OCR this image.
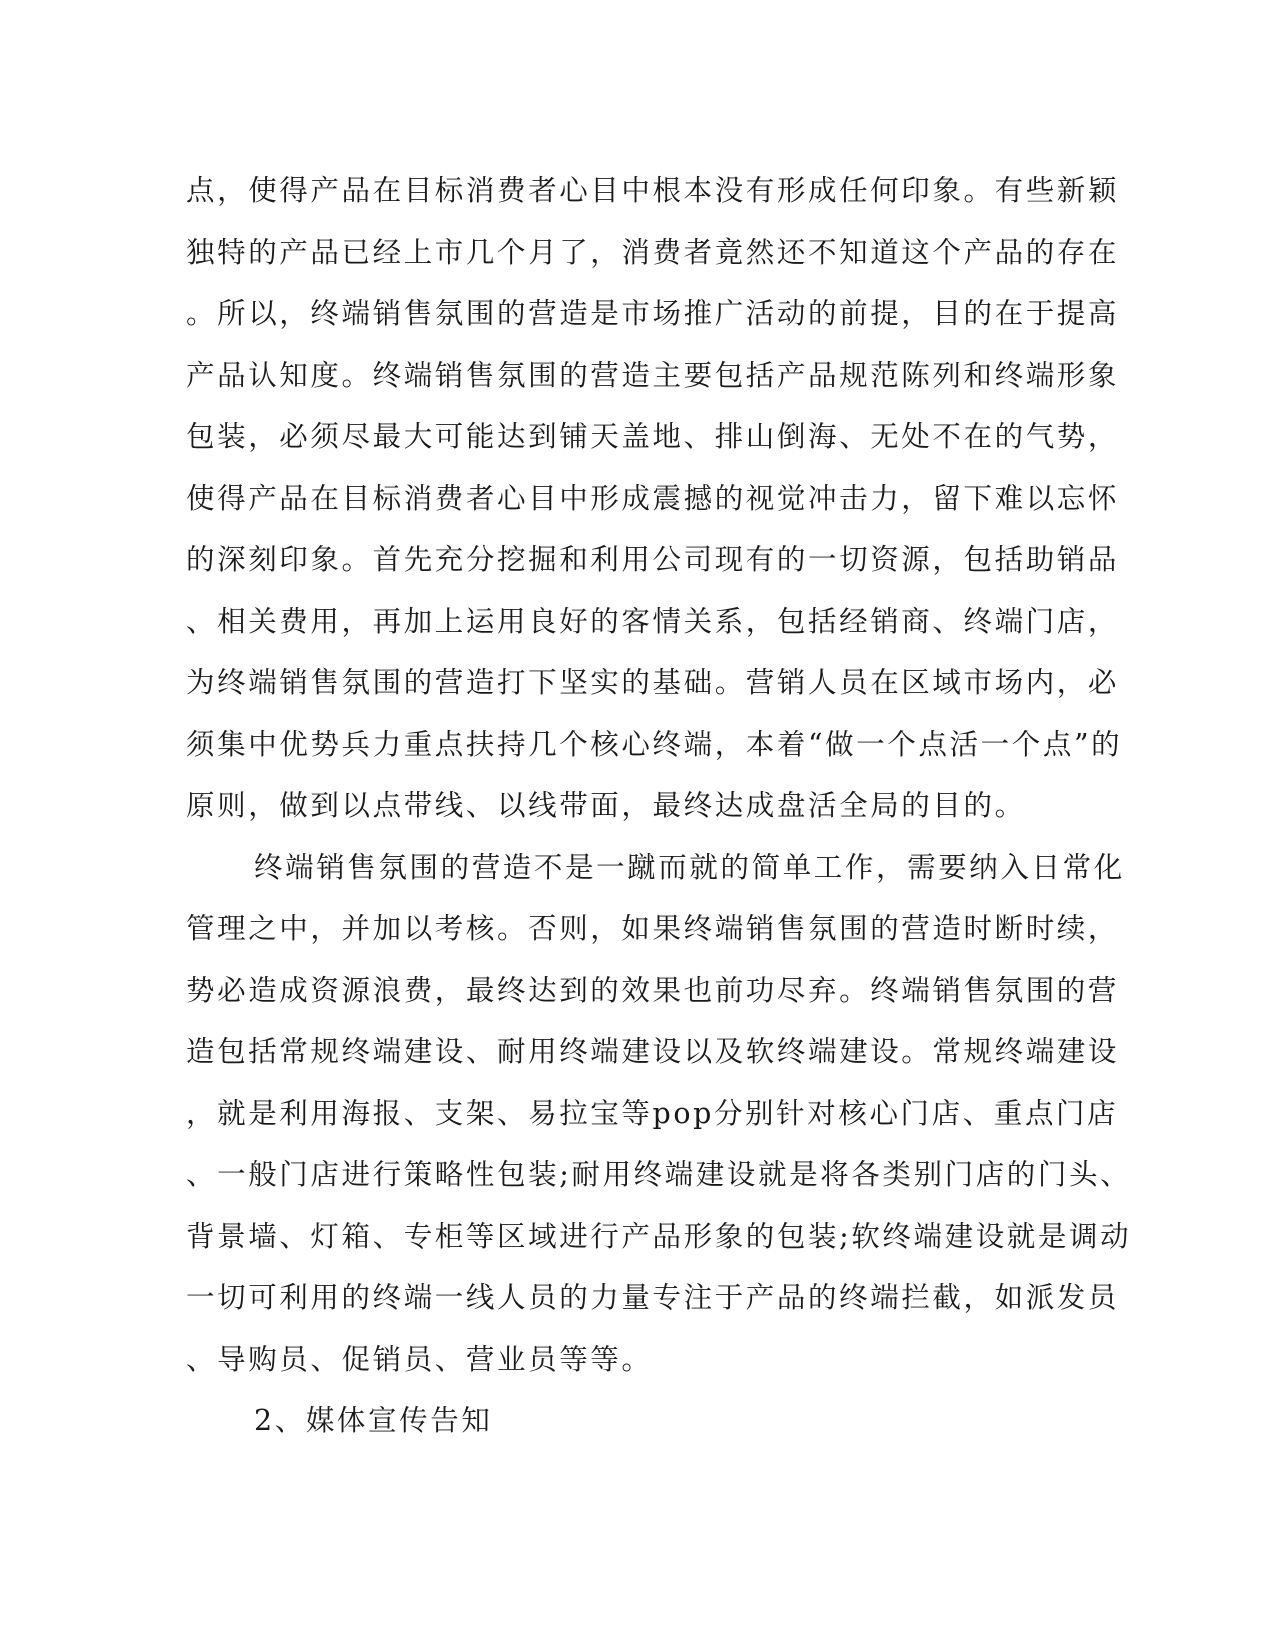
点，使得产品在目标消费者心目中根本没有形成任何印象。有些新颖
独特的产品已经上市几个月了，消费者竟然还不知道这个产品的存在
。所以，终端销售氛围的营造是市场推广活动的前提，目的在于提高
产品认知度。终端销售氛围的营造主要包括产品规范陈列和终端形象
包装，必须尽最大可能达到铺天盖地、排山倒海、无处不在的气势，
使得产品在目标消费者心目中形成震撼的视觉冲击力，留下难以忘怀
的深刻印象。首先充分挖掘和利用公司现有的一切资源，包括助销品
、相关费用，再加上运用良好的客情关系，包括经销商、终端门店，
为终端销售氛围的营造打下坚实的基础。营销人员在区域市场内，必
须集中优势兵力重点扶持几个核心终端，本着“做一个点活一个点”的
原则，做到以点带线、以线带面，最终达成盘活全局的目的。
终端销售氛围的营造不是一蹴而就的简单工作，需要纳入日常化
管理之中，并加以考核。否则，如果终端销售氛围的营造时断时续，
势必造成资源浪费，最终达到的效果也前功尽弃。终端销售氛围的营
造包括常规终端建设、耐用终端建设以及软终端建设。常规终端建设
，就是利用海报、支架、易拉宝等pop分别针对核心门店、重点门店
、一般门店进行策略性包装;耐用终端建设就是将各类别门店的门头、
背景墙、灯箱、专柜等区域进行产品形象的包装;软终端建设就是调动
一切可利用的终端一线人员的力量专注于产品的终端拦截，如派发员
、导购员、促销员、营业员等等。
2、媒体宣传告知
